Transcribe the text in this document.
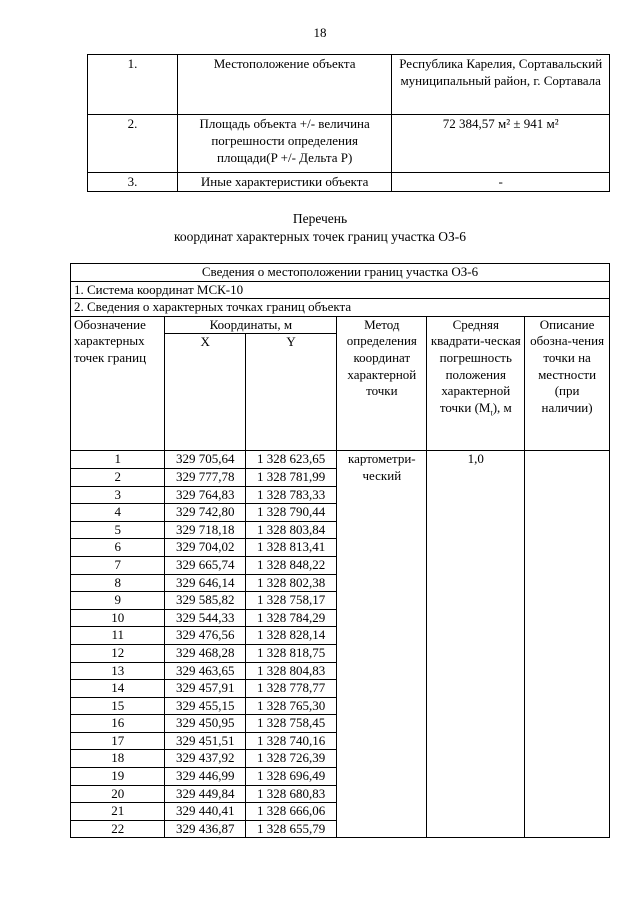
18
1.	Местоположение объекта	Республика Карелия, Сортавальский муниципальный район, г. Сортавала
2.	Площадь объекта +/- величина погрешности определения площади(P +/- Дельта P)	72 384,57 м² ± 941 м²
3.	Иные характеристики объекта	-
Перечень
координат характерных точек границ участка ОЗ-6
Сведения о местоположении границ участка ОЗ-6					
1. Система координат МСК-10					
2. Сведения о характерных точках границ объекта					
Обозначение характерных точек границ	Координаты, м		Метод определения координат характерной точки	Средняя квадрати-ческая погрешность положения характерной точки $(M_t)$, м	Описание обозна-чения точки на местности (при наличии)
	X	Y			
1	329 705,64	1 328 623,65	картометри-ческий	1,0	
2	329 777,78	1 328 781,99			
3	329 764,83	1 328 783,33			
4	329 742,80	1 328 790,44			
5	329 718,18	1 328 803,84			
6	329 704,02	1 328 813,41			
7	329 665,74	1 328 848,22			
8	329 646,14	1 328 802,38			
9	329 585,82	1 328 758,17			
10	329 544,33	1 328 784,29			
11	329 476,56	1 328 828,14			
12	329 468,28	1 328 818,75			
13	329 463,65	1 328 804,83			
14	329 457,91	1 328 778,77			
15	329 455,15	1 328 765,30			
16	329 450,95	1 328 758,45			
17	329 451,51	1 328 740,16			
18	329 437,92	1 328 726,39			
19	329 446,99	1 328 696,49			
20	329 449,84	1 328 680,83			
21	329 440,41	1 328 666,06			
22	329 436,87	1 328 655,79			
